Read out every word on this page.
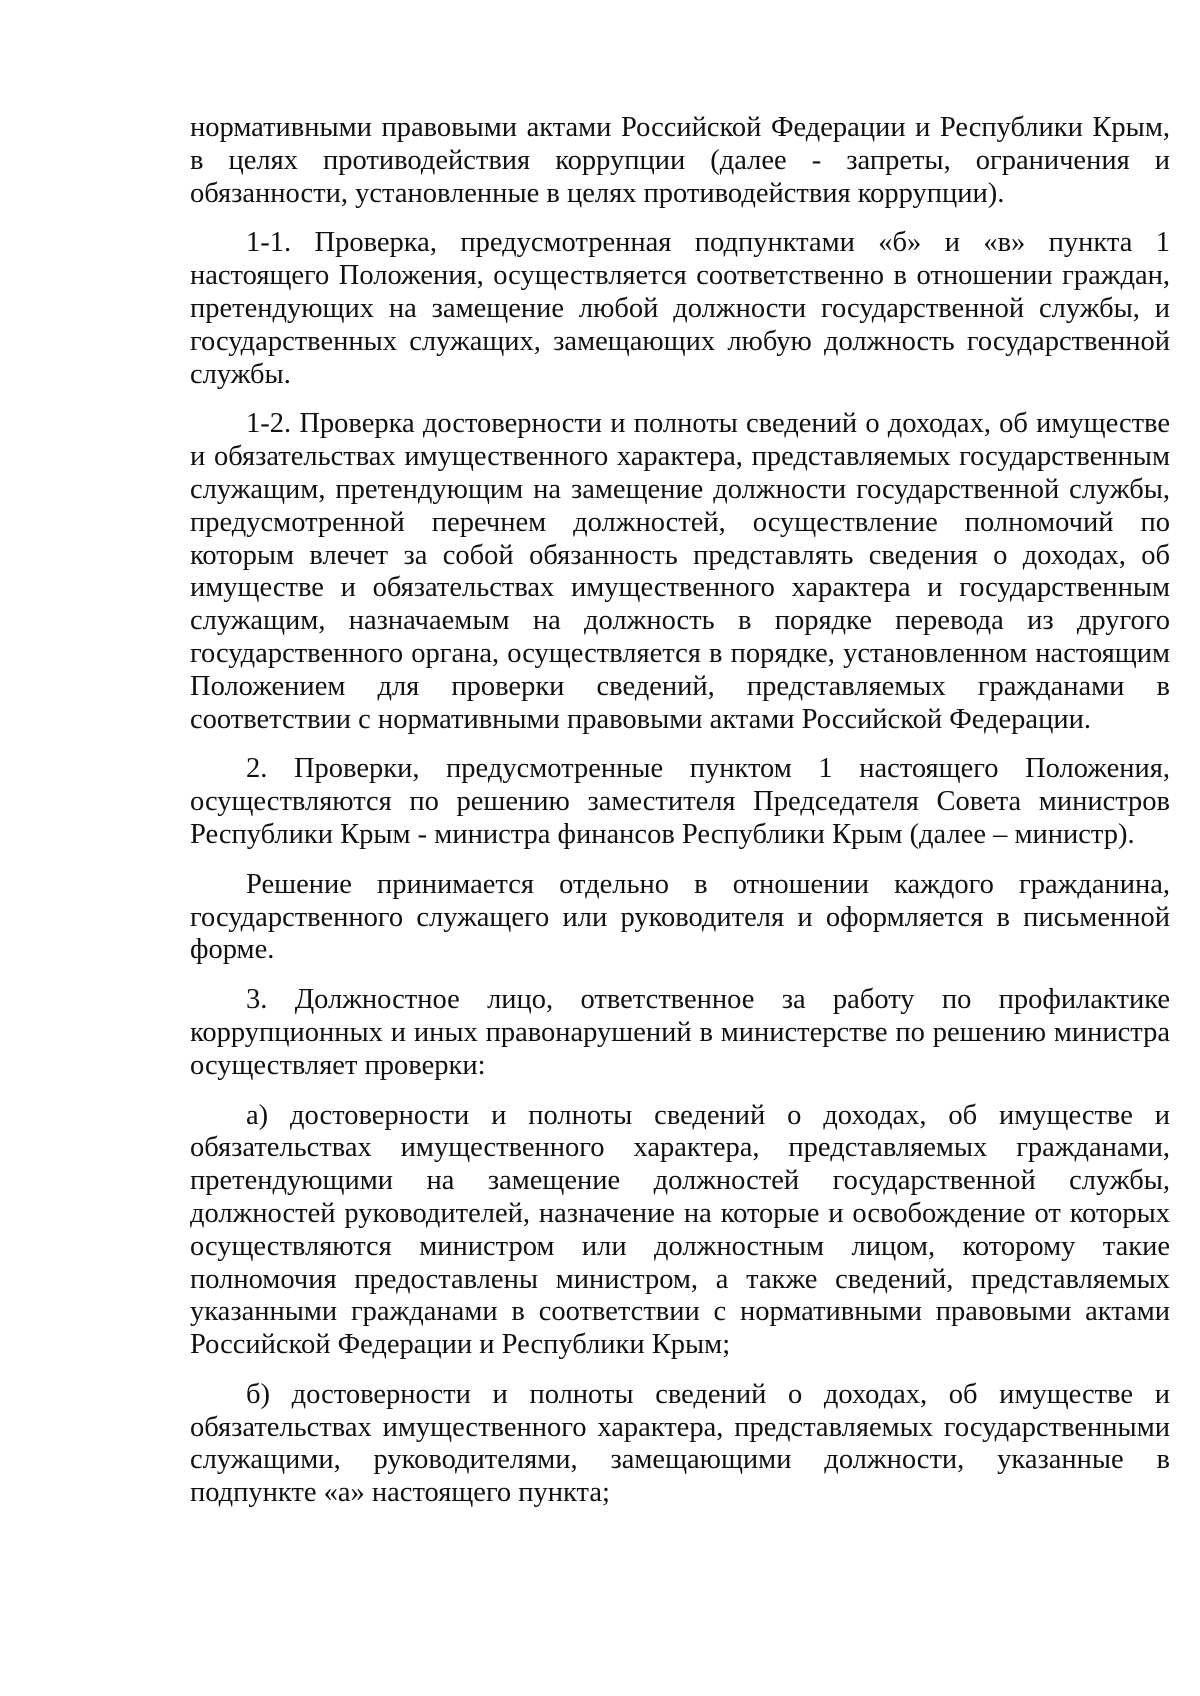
нормативными правовыми актами Российской Федерации и Республики Крым, в целях противодействия коррупции (далее - запреты, ограничения и обязанности, установленные в целях противодействия коррупции).

1-1. Проверка, предусмотренная подпунктами «б» и «в» пункта 1 настоящего Положения, осуществляется соответственно в отношении граждан, претендующих на замещение любой должности государственной службы, и государственных служащих, замещающих любую должность государственной службы.

1-2. Проверка достоверности и полноты сведений о доходах, об имуществе и обязательствах имущественного характера, представляемых государственным служащим, претендующим на замещение должности государственной службы, предусмотренной перечнем должностей, осуществление полномочий по которым влечет за собой обязанность представлять сведения о доходах, об имуществе и обязательствах имущественного характера и государственным служащим, назначаемым на должность в порядке перевода из другого государственного органа, осуществляется в порядке, установленном настоящим Положением для проверки сведений, представляемых гражданами в соответствии с нормативными правовыми актами Российской Федерации.

2. Проверки, предусмотренные пунктом 1 настоящего Положения, осуществляются по решению заместителя Председателя Совета министров Республики Крым - министра финансов Республики Крым (далее – министр).

Решение принимается отдельно в отношении каждого гражданина, государственного служащего или руководителя и оформляется в письменной форме.

3. Должностное лицо, ответственное за работу по профилактике коррупционных и иных правонарушений в министерстве по решению министра осуществляет проверки:

а) достоверности и полноты сведений о доходах, об имуществе и обязательствах имущественного характера, представляемых гражданами, претендующими на замещение должностей государственной службы, должностей руководителей, назначение на которые и освобождение от которых осуществляются министром или должностным лицом, которому такие полномочия предоставлены министром, а также сведений, представляемых указанными гражданами в соответствии с нормативными правовыми актами Российской Федерации и Республики Крым;

б) достоверности и полноты сведений о доходах, об имуществе и обязательствах имущественного характера, представляемых государственными служащими, руководителями, замещающими должности, указанные в подпункте «а» настоящего пункта;
